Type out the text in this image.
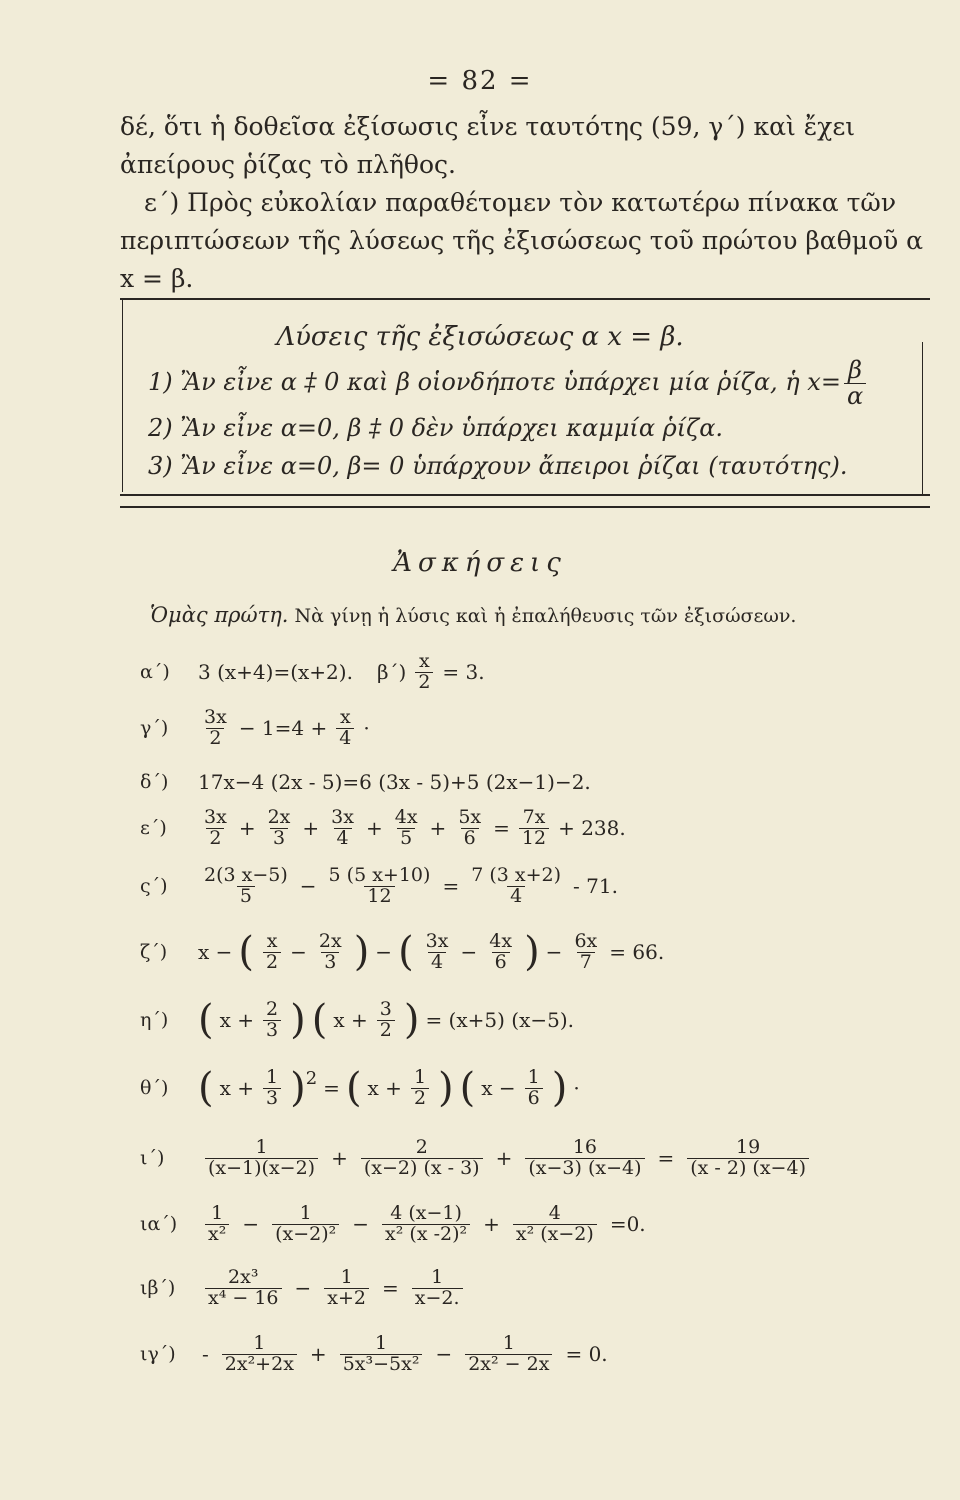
= 82 =
δέ, ὅτι ἡ δοθεῖσα ἐξίσωσις εἶνε ταυτότης (59, γ΄) καὶ ἔχει ἀπείρους ῥίζας τὸ πλῆθος.
ε΄) Πρὸς εὐκολίαν παραθέτομεν τὸν κατωτέρω πίνακα τῶν περιπτώσεων τῆς λύσεως τῆς ἐξισώσεως τοῦ πρώτου βαθμοῦ α x = β.
Λύσεις τῆς ἐξισώσεως α x = β.
1) Ἂν εἶνε α ‡ 0 καὶ β οἱονδήποτε ὑπάρχει μία ῥίζα, ἡ $x= \frac{\beta}{\alpha}$
2) Ἂν εἶνε α=0, β ‡ 0 δὲν ὑπάρχει καμμία ῥίζα.
3) Ἂν εἶνε α=0, β= 0 ὑπάρχουν ἄπειροι ῥίζαι (ταυτότης).
Ἀσκήσεις
Ὁμὰς πρώτη. Νὰ γίνῃ ἡ λύσις καὶ ἡ ἐπαλήθευσις τῶν ἐξισώσεων.
α΄)	3 (x+4)=(x+2). $\beta΄) \frac{x}{2} = 3$.
γ΄)	$\frac{3x}{2} - 1=4 + \frac{x}{4}$ ·
δ΄)	17x−4 (2x - 5)=6 (3x - 5)+5 (2x−1)−2.
ε΄)	$\frac{3x}{2} + \frac{2x}{3} + \frac{3x}{4} + \frac{4x}{5} + \frac{5x}{6} = \frac{7x}{12} + 238$.
ς΄)	$\frac{2(3 x-5)}{5} - \frac{5 (5 x+10)}{12} = \frac{7 (3 x+2)}{4} - 71$.
ζ΄)	x − ( $\frac{x}{2} - \frac{2x}{3}$ ) − ( $\frac{3x}{4} - \frac{4x}{6}$ ) − $\frac{6x}{7} = 66$.
η΄) ( $x + \frac{2}{3}$ ) ( $x + \frac{3}{2}$ ) = (x+5) (x−5).
θ΄) ( $x + \frac{1}{3}$ ) 2 = ( $x + \frac{1}{2}$ ) ( $x - \frac{1}{6}$ ) ·
ι΄)	$\frac{1}{(x-1)(x-2)} + \frac{2}{(x-2) (x - 3)} + \frac{16}{(x-3) (x-4)} = \frac{19}{(x - 2) (x-4)}$
ια΄)	$\frac{1}{\text{x²}} - \frac{1}{\text{(x−2)²}} - \frac{4 (x-1)}{\text{x² (x -2)²}} + \frac{4}{\text{x² (x−2)}} =0$.
ιβ΄)	$\frac{\text{2x³}}{\text{x⁴ − 16}} - \frac{1}{x+2} = \frac{1}{x-2.}$
ιγ΄)	- $\frac{1}{\text{2x²+2x}} + \frac{1}{\text{5x³−5x²}} - \frac{1}{\text{2x² − 2x}} = 0$.
